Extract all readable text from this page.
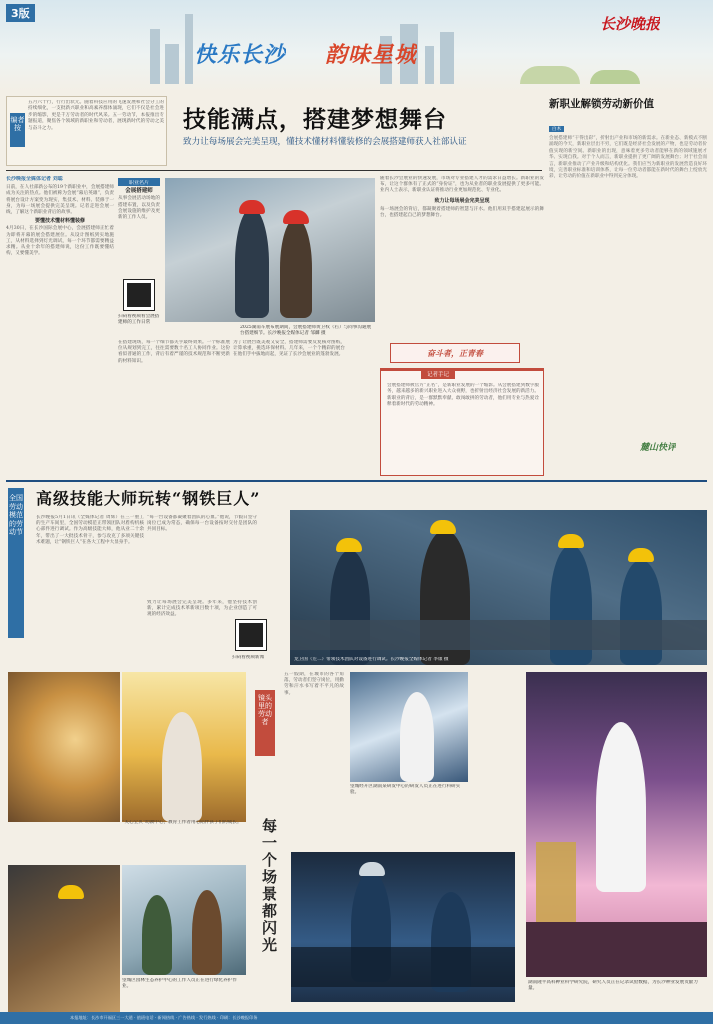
3版
快乐长沙 韵味星城
长沙晚报
编者按
五月六十行，行行出状元。随着科技应用的飞速发展和社会分工的持续细化，一支批新兴职业和高素养群体涌现，它们不仅是社会进步的缩影，更是千万劳动者的时代风采。五一劳动节，本报推出专题报道，聚焦各个领域的新职业和劳动者，展现新时代的劳动之美与奋斗之力。	技能满点，搭建梦想舞台
致力让每场展会完美呈现，懂技术懂材料懂装修的会展搭建师获人社部认证
长沙晚报全媒体记者 刘聪
日前，在人社部新公布的19个新职业中，会展搭建师成为关注的热点。他们被称为会展“幕后英雄”，负责将展台设计方案变为现实，集技术、材料、装修于一身，为每一场展会提供完美呈现。记者走进会展一线，了解这个新职业背后的故事。
要懂技术懂材料懂装修
4月30日，在长沙国际会展中心，会展搭建师正忙着为即将开幕的展会搭建展位。从设计图纸到实地施工，从材料选择到灯光调试，每一个环节都需要精益求精。从业十余年的搭建师说，这份工作既要懂结构，又要懂美学。
职业名片
会展搭建师
从事会展活动场地的搭建布置，以及负责会展设施的维护及更新的工作人员。
扫码看视频看会展搭建师的工作日常
2025湖南车展布展期间，会展搭建师黄卫权（右）与同事沟通展台搭建细节。长沙晚报全媒体记者 邹麟 摄
在搭建现场，每一个细节都关乎最终效果。一个标准展位从规划到完工，往往需要数十名工人协同作业。这份看似普通的工作，背后有着严谨的技术规范和不断更新的材料知识。
为了让展台既美观又安全，搭建师需要反复核对图纸，计算承重，挑选环保材料。几年来，一个个精彩的展台在他们手中拔地而起，见证了长沙会展业的蓬勃发展。
随着长沙会展业的快速发展，市场对专业搭建人才的需求日益增长。新职业的发布，让这个群体有了正式的“身份证”，也为从业者的职业发展提供了更多可能。业内人士表示，新职业认证将推动行业更加规范化、专业化。
致力让每场展会完美呈现
每一场展会的背后，都凝聚着搭建师的智慧与汗水。他们用双手搭建起展示的舞台，也搭建起自己的梦想舞台。
奋斗者，正青春
记者手记
会展搭建师被官方“正名”，是新职业发展的一个缩影。从会展搭建到数字服务，越来越多的新兴职业进入大众视野，也折射出经济社会发展的新活力。新职业的背后，是一群默默奉献、敢闯敢拼的劳动者，他们用专业与热爱诠释着新时代的劳动精神。
新职业解锁劳动新价值
白木
会展搭建师“干得出彩”，折射出产业和市场的新需求。在新业态、新模式不断涌现的今天，新职业层出不穷，它们既是经济社会发展的产物，也是劳动者价值实现的新空间。新职业的出现，意味着更多劳动者能够在新的领域施展才华、实现自我。对于个人而言，新职业提供了更广阔的发展舞台；对于社会而言，新职业推动了产业升级和结构优化。我们应当为新职业的发展营造良好环境，完善职业标准和培训体系，让每一位劳动者都能在新时代的舞台上绽放光彩，让劳动的价值在新职业中得到充分体现。
麓山快评
全国劳动模范的劳动节
高级技能大师玩转“钢铁巨人”
长沙晚报5月1日讯（全媒体记者 周辉）在三一重工的生产车间里，全国劳动模范正带领团队对盾构机核心部件进行调试。作为高级技能大师，他从业二十余年，带出了一大批技术骨干，参与攻克了多项关键技术难题，让“钢铁巨人”在各大工程中大显身手。
“每一台设备都凝聚着团队的心血。”他说，节假日坚守岗位已成为常态，确保每一台设备按时交付是团队的共同目标。
致力让每场展会完美呈现。多年来，他坚持技术创新，累计完成技术革新项目数十项，为企业创造了可观的经济效益。
扫码看视频新闻	龙卫国（左二）带领技术团队对设备进行调试。长沙晚报全媒体记者 李康 摄
“关心宝贝”幼教中心，教育工作者用心陪伴孩子们的成长。
望城区园林生态养护中心的工作人员正在进行绿化养护作业。
镜头里的劳动者
每一个场景都闪光
五一假期，在城市的各个角落，劳动者们坚守岗位，用勤劳和汗水书写着不平凡的故事。
望城经开区湖南某研发中心的研发人员正在进行科研实验。
湖南隆平高科种业科学研究院，研究人员正在记录试验数据，为长沙种业发展贡献力量。
本报地址：长沙市开福区三一大道 · 值班电话 · 新闻热线 · 广告热线 · 发行热线 · 印刷：长沙晚报印务
